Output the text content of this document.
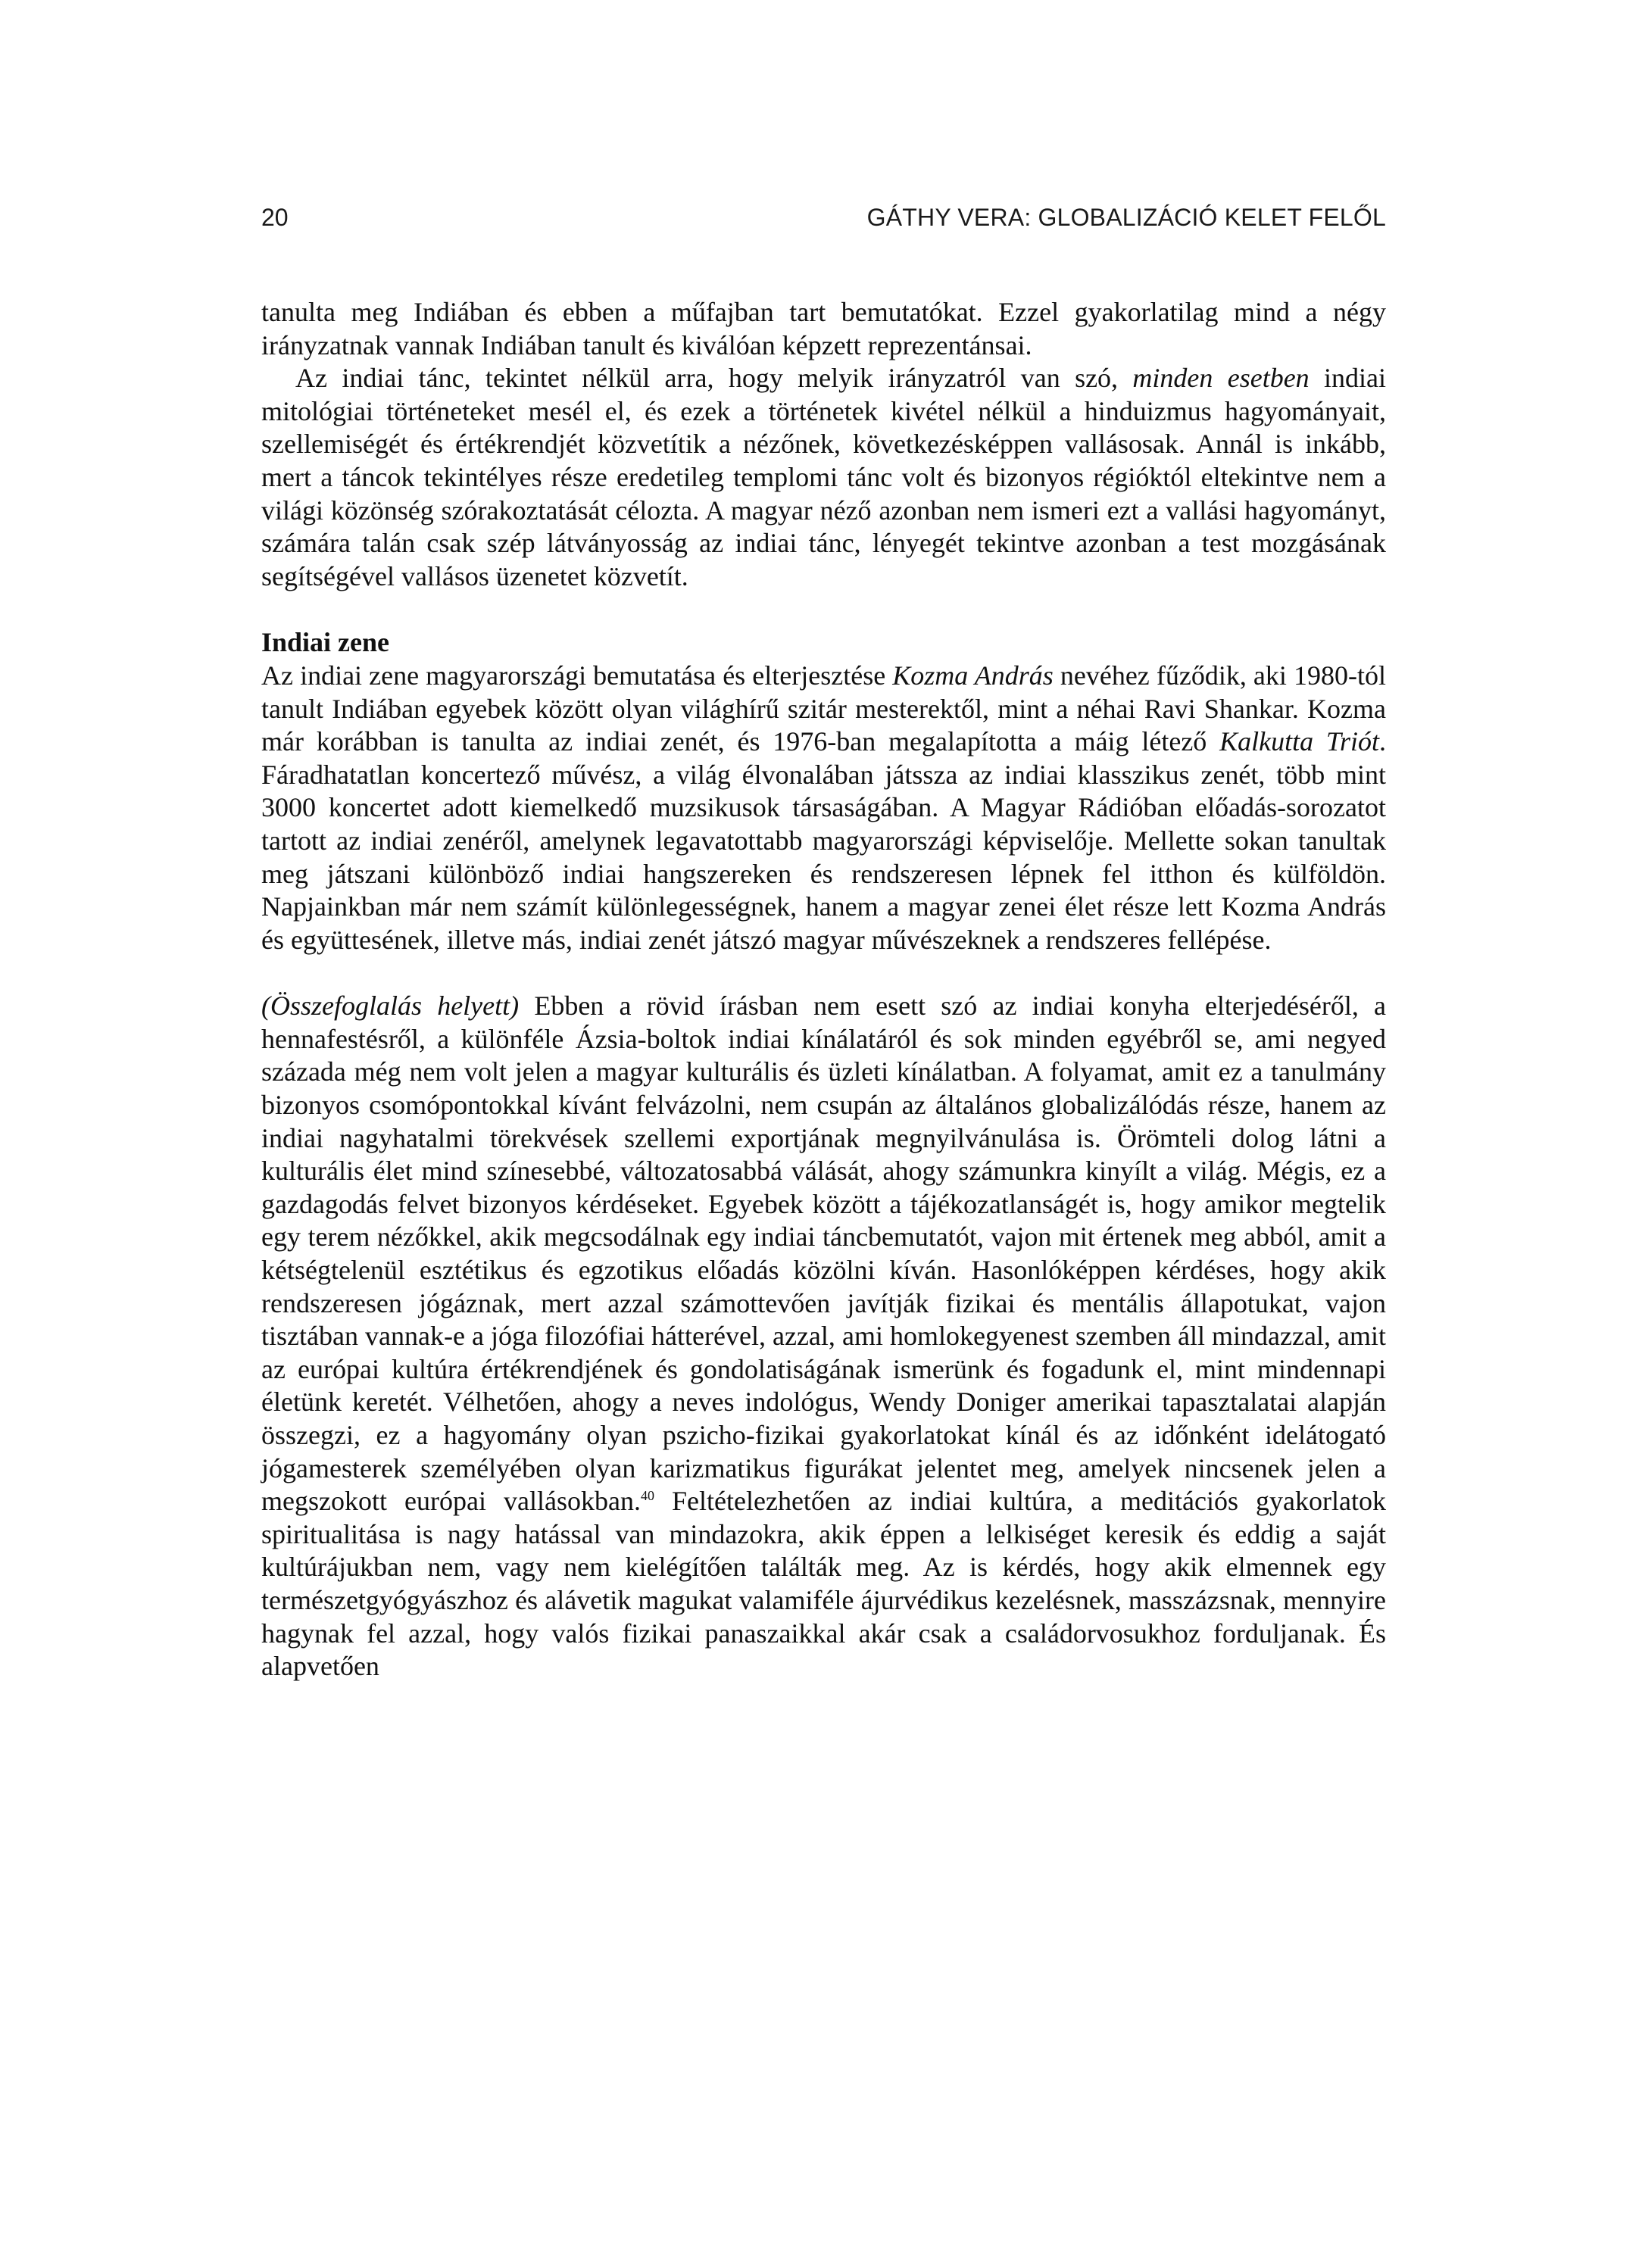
20	GÁTHY VERA: GLOBALIZÁCIÓ KELET FELŐL

tanulta meg Indiában és ebben a műfajban tart bemutatókat. Ezzel gyakorlatilag mind a négy irányzatnak vannak Indiában tanult és kiválóan képzett reprezentánsai.

Az indiai tánc, tekintet nélkül arra, hogy melyik irányzatról van szó, minden esetben indiai mitológiai történeteket mesél el, és ezek a történetek kivétel nélkül a hinduizmus hagyományait, szellemiségét és értékrendjét közvetítik a nézőnek, következésképpen vallásosak. Annál is inkább, mert a táncok tekintélyes része eredetileg templomi tánc volt és bizonyos régióktól eltekintve nem a világi közönség szórakoztatását célozta. A magyar néző azonban nem ismeri ezt a vallási hagyományt, számára talán csak szép látványosság az indiai tánc, lényegét tekintve azonban a test mozgásának segítségével vallásos üzenetet közvetít.

Indiai zene

Az indiai zene magyarországi bemutatása és elterjesztése Kozma András nevéhez fűződik, aki 1980-tól tanult Indiában egyebek között olyan világhírű szitár mesterektől, mint a néhai Ravi Shankar. Kozma már korábban is tanulta az indiai zenét, és 1976-ban megalapította a máig létező Kalkutta Triót. Fáradhatatlan koncertező művész, a világ élvonalában játssza az indiai klasszikus zenét, több mint 3000 koncertet adott kiemelkedő muzsikusok társaságában. A Magyar Rádióban előadás-sorozatot tartott az indiai zenéről, amelynek legavatottabb magyarországi képviselője. Mellette sokan tanultak meg játszani különböző indiai hangszereken és rendszeresen lépnek fel itthon és külföldön. Napjainkban már nem számít különlegességnek, hanem a magyar zenei élet része lett Kozma András és együttesének, illetve más, indiai zenét játszó magyar művészeknek a rendszeres fellépése.

(Összefoglalás helyett) Ebben a rövid írásban nem esett szó az indiai konyha elterjedéséről, a hennafestésről, a különféle Ázsia-boltok indiai kínálatáról és sok minden egyébről se, ami negyed százada még nem volt jelen a magyar kulturális és üzleti kínálatban. A folyamat, amit ez a tanulmány bizonyos csomópontokkal kívánt felvázolni, nem csupán az általános globalizálódás része, hanem az indiai nagyhatalmi törekvések szellemi exportjának megnyilvánulása is. Örömteli dolog látni a kulturális élet mind színesebbé, változatosabbá válását, ahogy számunkra kinyílt a világ. Mégis, ez a gazdagodás felvet bizonyos kérdéseket. Egyebek között a tájékozatlanságét is, hogy amikor megtelik egy terem nézőkkel, akik megcsodálnak egy indiai táncbemutatót, vajon mit értenek meg abból, amit a kétségtelenül esztétikus és egzotikus előadás közölni kíván. Hasonlóképpen kérdéses, hogy akik rendszeresen jógáznak, mert azzal számottevően javítják fizikai és mentális állapotukat, vajon tisztában vannak-e a jóga filozófiai hátterével, azzal, ami homlokegyenest szemben áll mindazzal, amit az európai kultúra értékrendjének és gondolatiságának ismerünk és fogadunk el, mint mindennapi életünk keretét. Vélhetően, ahogy a neves indológus, Wendy Doniger amerikai tapasztalatai alapján összegzi, ez a hagyomány olyan pszicho-fizikai gyakorlatokat kínál és az időnként idelátogató jógamesterek személyében olyan karizmatikus figurákat jelentet meg, amelyek nincsenek jelen a megszokott európai vallásokban.$^{40}$ Feltételezhetően az indiai kultúra, a meditációs gyakorlatok spiritualitása is nagy hatással van mindazokra, akik éppen a lelkiséget keresik és eddig a saját kultúrájukban nem, vagy nem kielégítően találták meg. Az is kérdés, hogy akik elmennek egy természetgyógyászhoz és alávetik magukat valamiféle ájurvédikus kezelésnek, masszázsnak, mennyire hagynak fel azzal, hogy valós fizikai panaszaikkal akár csak a családorvosukhoz forduljanak. És alapvetően
